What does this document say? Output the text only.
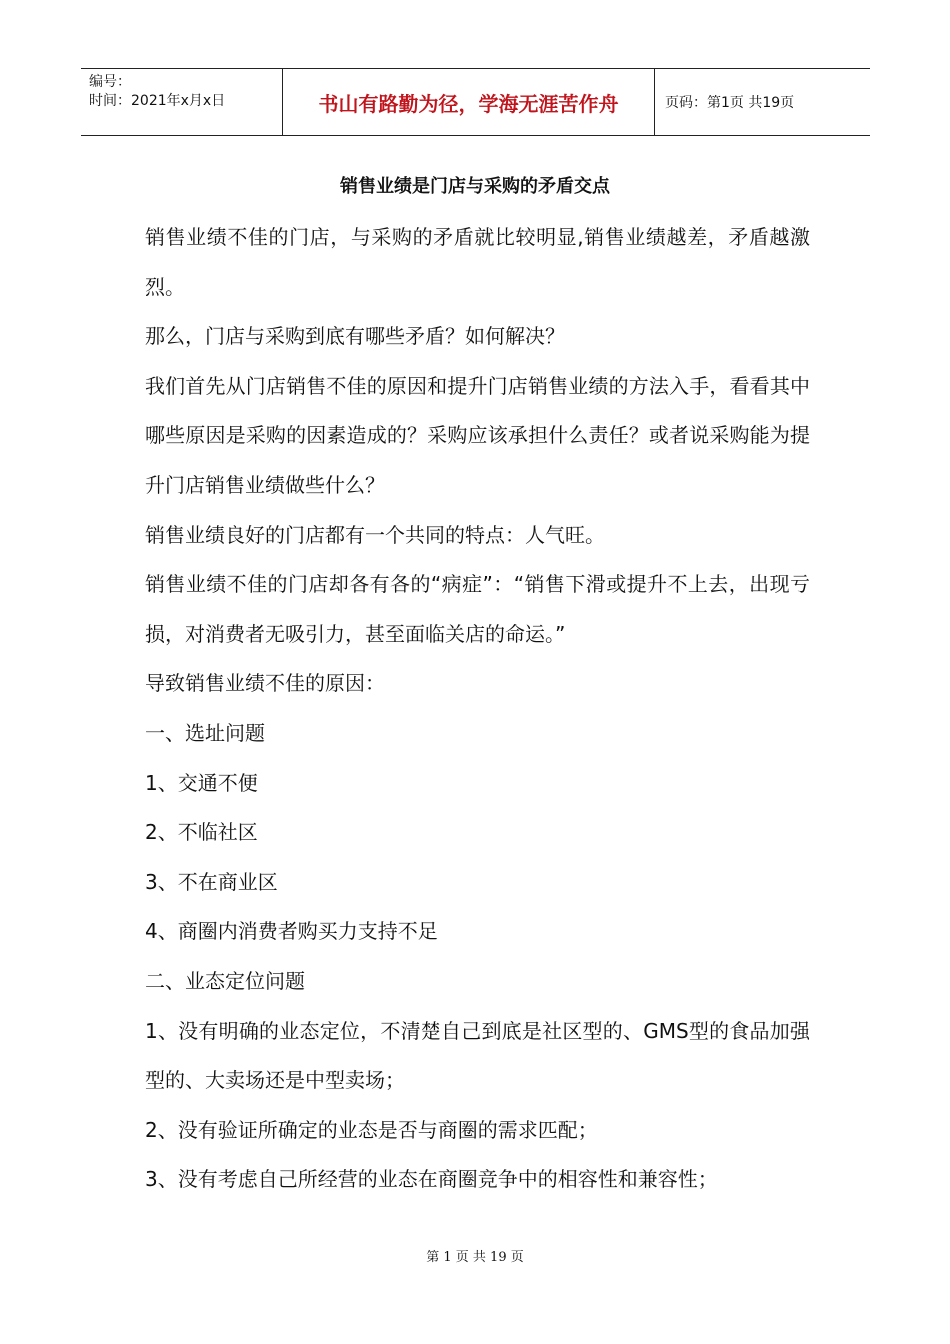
编号：
时间：2021年x月x日	书山有路勤为径，学海无涯苦作舟	页码：第1页 共19页
销售业绩是门店与采购的矛盾交点

销售业绩不佳的门店，与采购的矛盾就比较明显,销售业绩越差，矛盾越激烈。

那么，门店与采购到底有哪些矛盾？如何解决？

我们首先从门店销售不佳的原因和提升门店销售业绩的方法入手，看看其中哪些原因是采购的因素造成的？采购应该承担什么责任？或者说采购能为提升门店销售业绩做些什么？

销售业绩良好的门店都有一个共同的特点：人气旺。

销售业绩不佳的门店却各有各的“病症”：“销售下滑或提升不上去，出现亏损，对消费者无吸引力，甚至面临关店的命运。”

导致销售业绩不佳的原因：

一、选址问题

1、交通不便

2、不临社区

3、不在商业区

4、商圈内消费者购买力支持不足

二、业态定位问题

1、没有明确的业态定位，不清楚自己到底是社区型的、GMS型的食品加强型的、大卖场还是中型卖场；

2、没有验证所确定的业态是否与商圈的需求匹配；

3、没有考虑自己所经营的业态在商圈竞争中的相容性和兼容性；

第 1 页 共 19 页
